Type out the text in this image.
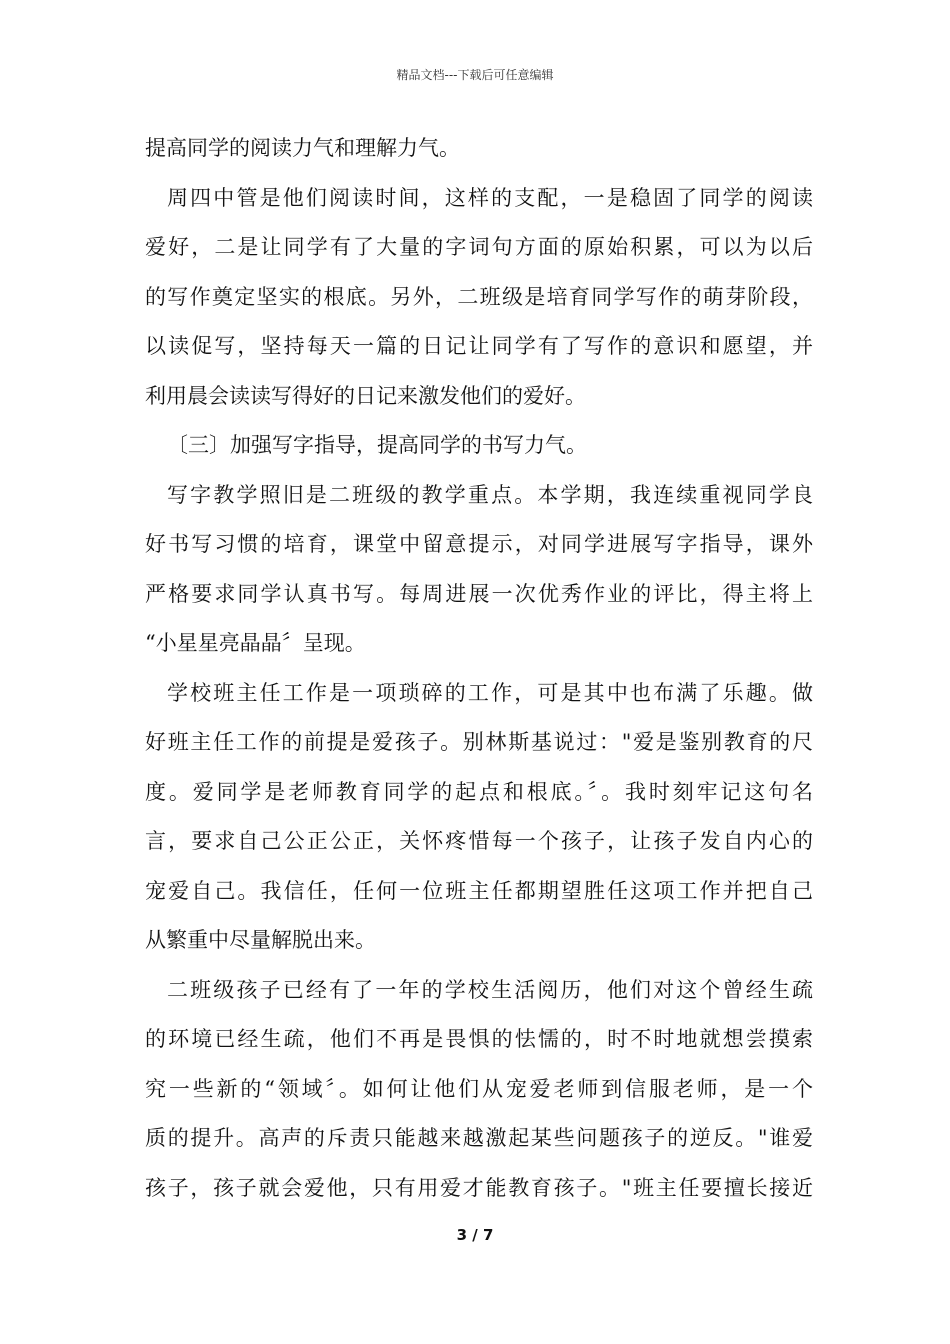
精品文档---下载后可任意编辑
提高同学的阅读力气和理解力气。
周四中管是他们阅读时间，这样的支配，一是稳固了同学的阅读
爱好，二是让同学有了大量的字词句方面的原始积累，可以为以后
的写作奠定坚实的根底。另外，二班级是培育同学写作的萌芽阶段，
以读促写，坚持每天一篇的日记让同学有了写作的意识和愿望，并
利用晨会读读写得好的日记来激发他们的爱好。
〔三〕加强写字指导，提高同学的书写力气。
写字教学照旧是二班级的教学重点。本学期，我连续重视同学良
好书写习惯的培育，课堂中留意提示，对同学进展写字指导，课外
严格要求同学认真书写。每周进展一次优秀作业的评比，得主将上
“小星星亮晶晶〞呈现。
学校班主任工作是一项琐碎的工作，可是其中也布满了乐趣。做
好班主任工作的前提是爱孩子。别林斯基说过："爱是鉴别教育的尺
度。爱同学是老师教育同学的起点和根底。〞。我时刻牢记这句名
言，要求自己公正公正，关怀疼惜每一个孩子，让孩子发自内心的
宠爱自己。我信任，任何一位班主任都期望胜任这项工作并把自己
从繁重中尽量解脱出来。
二班级孩子已经有了一年的学校生活阅历，他们对这个曾经生疏
的环境已经生疏，他们不再是畏惧的怯懦的，时不时地就想尝摸索
究一些新的“领域〞。如何让他们从宠爱老师到信服老师，是一个
质的提升。高声的斥责只能越来越激起某些问题孩子的逆反。"谁爱
孩子，孩子就会爱他，只有用爱才能教育孩子。"班主任要擅长接近
3 / 7
